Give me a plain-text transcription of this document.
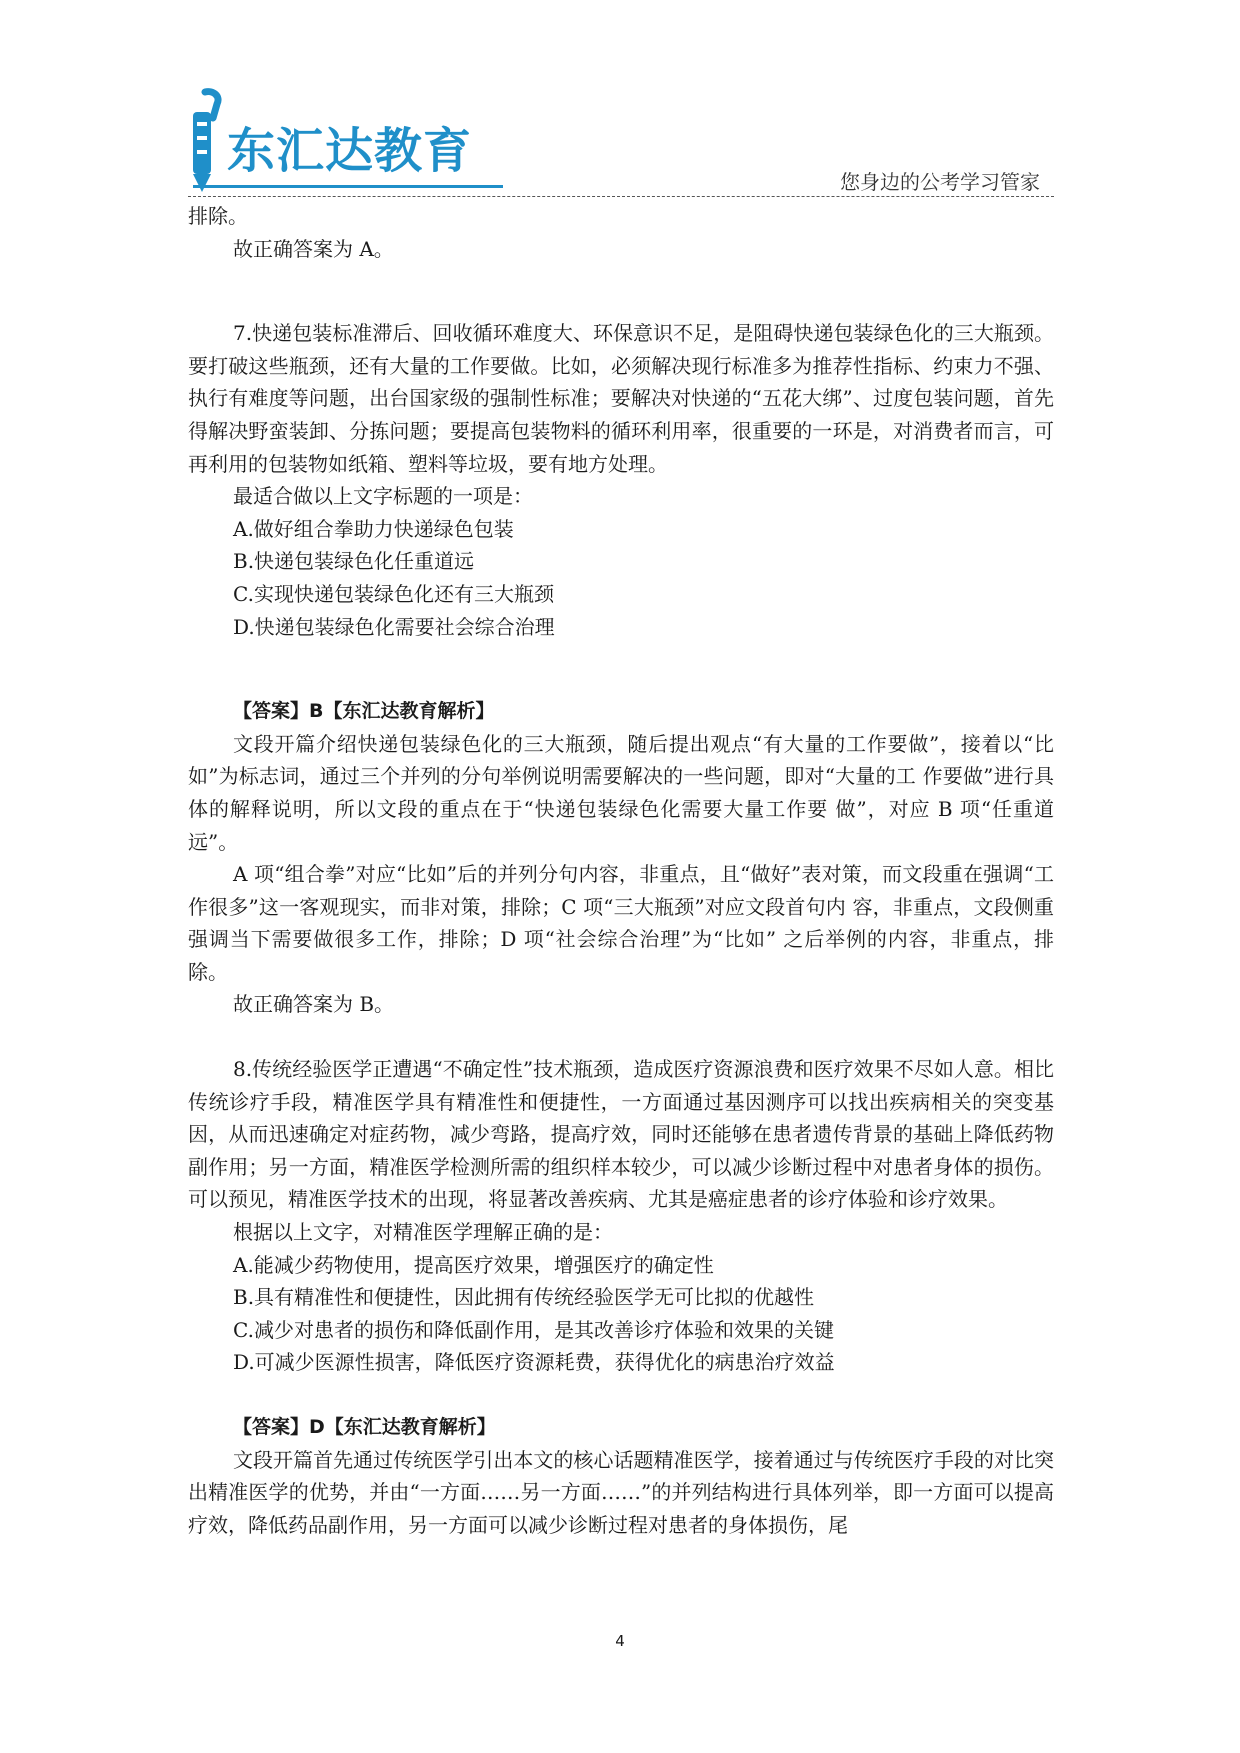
东汇达教育
您身边的公考学习管家

排除。

故正确答案为 A。

7.快递包装标准滞后、回收循环难度大、环保意识不足，是阻碍快递包装绿色化的三大瓶颈。要打破这些瓶颈，还有大量的工作要做。比如，必须解决现行标准多为推荐性指标、约束力不强、执行有难度等问题，出台国家级的强制性标准；要解决对快递的“五花大绑”、过度包装问题，首先得解决野蛮装卸、分拣问题；要提高包装物料的循环利用率，很重要的一环是，对消费者而言，可再利用的包装物如纸箱、塑料等垃圾，要有地方处理。

最适合做以上文字标题的一项是：

A.做好组合拳助力快递绿色包装

B.快递包装绿色化任重道远

C.实现快递包装绿色化还有三大瓶颈

D.快递包装绿色化需要社会综合治理

【答案】B【东汇达教育解析】

文段开篇介绍快递包装绿色化的三大瓶颈，随后提出观点“有大量的工作要做”，接着以“比如”为标志词，通过三个并列的分句举例说明需要解决的一些问题，即对“大量的工 作要做”进行具体的解释说明，所以文段的重点在于“快递包装绿色化需要大量工作要 做”，对应 B 项“任重道远”。

A 项“组合拳”对应“比如”后的并列分句内容，非重点，且“做好”表对策，而文段重在强调“工作很多”这一客观现实，而非对策，排除；C 项“三大瓶颈”对应文段首句内 容，非重点，文段侧重强调当下需要做很多工作，排除；D 项“社会综合治理”为“比如” 之后举例的内容，非重点，排除。

故正确答案为 B。

8.传统经验医学正遭遇“不确定性”技术瓶颈，造成医疗资源浪费和医疗效果不尽如人意。相比传统诊疗手段，精准医学具有精准性和便捷性，一方面通过基因测序可以找出疾病相关的突变基因，从而迅速确定对症药物，减少弯路，提高疗效，同时还能够在患者遗传背景的基础上降低药物副作用；另一方面，精准医学检测所需的组织样本较少，可以减少诊断过程中对患者身体的损伤。可以预见，精准医学技术的出现，将显著改善疾病、尤其是癌症患者的诊疗体验和诊疗效果。

根据以上文字，对精准医学理解正确的是：

A.能减少药物使用，提高医疗效果，增强医疗的确定性

B.具有精准性和便捷性，因此拥有传统经验医学无可比拟的优越性

C.减少对患者的损伤和降低副作用，是其改善诊疗体验和效果的关键

D.可减少医源性损害，降低医疗资源耗费，获得优化的病患治疗效益

【答案】D【东汇达教育解析】

文段开篇首先通过传统医学引出本文的核心话题精准医学，接着通过与传统医疗手段的对比突出精准医学的优势，并由“一方面……另一方面……”的并列结构进行具体列举，即一方面可以提高疗效，降低药品副作用，另一方面可以减少诊断过程对患者的身体损伤，尾

4
